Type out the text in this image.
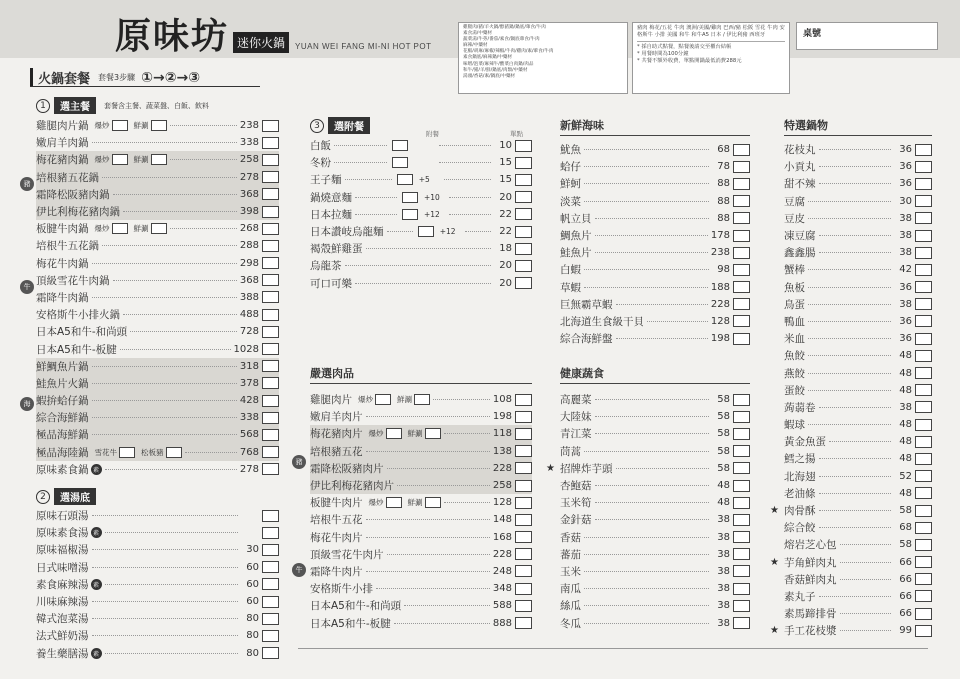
原味坊 迷你火鍋	YUAN WEI FANG MI-NI HOT POT
雞腿肉/豬/羊火鍋/醇豬鍋/鍋底/葷食/牛肉
素食湯/中藥材
蔬菜湯/牛蒡/番茄/素食/鍋底葷食/牛肉
麻辣/中藥材
花椒/胡麻/麻椒/辣椒/牛肉/雞肉/素/葷食/牛肉
素食鍋底/麻辣鍋/中藥材
味噌/泡菜/麻辣牛/酸菜白肉鍋/肉品
和牛/豬/羊/鮮/鍋底/肉類/中藥材
湯頭/香菇/素/鍋底/中藥材
豬肉 梅花/五花 牛肉 澳洲/美國/雞肉 巴西/豬 松阪 雪花 牛肉 安格斯牛 小排 美國 和牛 和牛A5 日本 / 伊比利豬 西班牙
* 採自助式點餐，點餐後請交至櫃台結帳
* 用餐時間為100分鐘
* 共餐不額外收費，單點開鍋最低消費288元
桌號
火鍋套餐 套餐3步驟 ①→②→③
1	選主餐	套餐含主餐、蔬菜盤、白飯、飲料
雞腿肉片鍋 爆炒	鮮涮	238
嫩肩羊肉鍋	338
梅花豬肉鍋 爆炒	鮮涮	258
培根豬五花鍋	278
霜降松阪豬肉鍋	368
伊比利梅花豬肉鍋	398
板腱牛肉鍋 爆炒	鮮涮	268
培根牛五花鍋	288
梅花牛肉鍋	298
頂級雪花牛肉鍋	368
霜降牛肉鍋	388
安格斯牛小排火鍋	488
日本A5和牛-和尚頭	728
日本A5和牛-板腱	1028
鮮鯛魚片鍋	318
鮭魚片火鍋	378
蝦拚蛤仔鍋	428
綜合海鮮鍋	338
極品海鮮鍋	568
極品海陸鍋 雪花牛	松板豬	768
原味素食鍋 素	278
豬
牛
海
2	選湯底
原味石頭湯
原味素食湯 素
原味福椒湯	30
日式味噌湯	60
素食麻辣湯 素	60
川味麻辣湯	60
韓式泡菜湯	80
法式鮮奶湯	80
養生藥膳湯 素	80
3	選附餐
附餐	單點
白飯	10
冬粉	15
王子麵	+5	15
鍋燒意麵	+10	20
日本拉麵	+12	22
日本讚岐烏龍麵	+12	22
褐殼鮮雞蛋	18
烏龍茶	20
可口可樂	20
嚴選肉品
雞腿肉片 爆炒	鮮涮	108
嫩肩羊肉片	198
梅花豬肉片 爆炒	鮮涮	118
培根豬五花	138
霜降松阪豬肉片	228
伊比利梅花豬肉片	258
板腱牛肉片 爆炒	鮮涮	128
培根牛五花	148
梅花牛肉片	168
頂級雪花牛肉片	228
霜降牛肉片	248
安格斯牛小排	348
日本A5和牛-和尚頭	588
日本A5和牛-板腱	888
豬
牛
新鮮海味
魷魚	68
蛤仔	78
鮮蚵	88
淡菜	88
帆立貝	88
鯛魚片	178
鮭魚片	238
白蝦	98
草蝦	188
巨無霸草蝦	228
北海道生食級干貝	128
綜合海鮮盤	198
健康蔬食
高麗菜	58
大陸妹	58
青江菜	58
茼蒿	58
★ 招牌炸芋頭	58
杏鮑菇	48
玉米筍	48
金針菇	38
香菇	38
蕃茄	38
玉米	38
南瓜	38
絲瓜	38
冬瓜	38
特選鍋物
花枝丸	36
小貢丸	36
甜不辣	36
豆腐	30
豆皮	38
凍豆腐	38
鑫鑫腸	38
蟹棒	42
魚板	36
鳥蛋	38
鴨血	36
米血	36
魚餃	48
燕餃	48
蛋餃	48
蒟蒻卷	38
蝦球	48
黃金魚蛋	48
鱈之揚	48
北海翅	52
老油條	48
★ 肉骨酥	58
綜合餃	68
熔岩芝心包	58
★ 芋角鮮肉丸	66
香菇鮮肉丸	66
素丸子	66
素馬蹄排骨	66
★ 手工花枝漿	99
